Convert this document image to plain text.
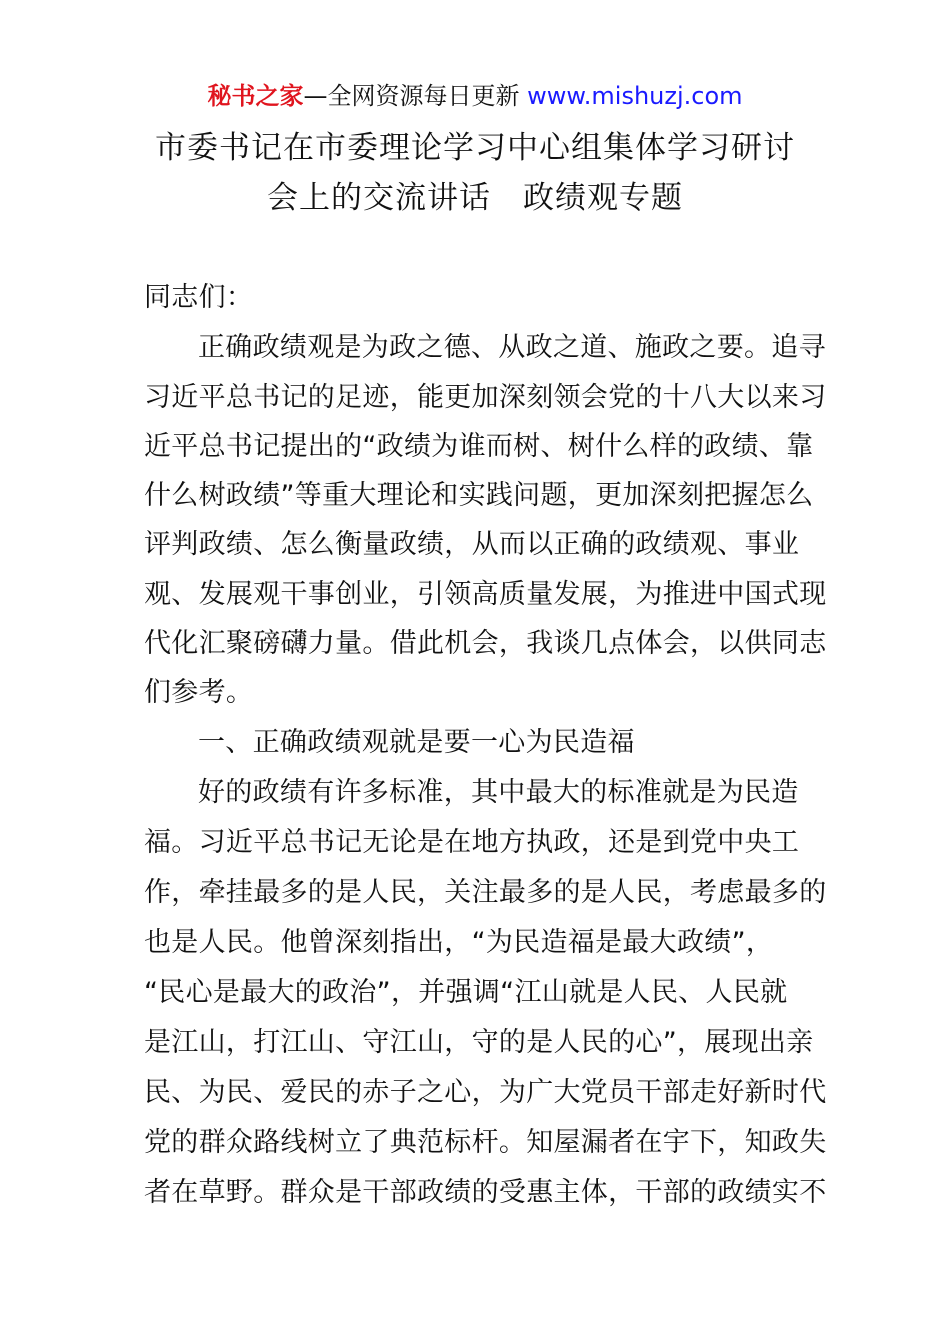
秘书之家—全网资源每日更新 www.mishuzj.com
市委书记在市委理论学习中心组集体学习研讨
会上的交流讲话　政绩观专题
同志们：
正确政绩观是为政之德、从政之道、施政之要。追寻
习近平总书记的足迹，能更加深刻领会党的十八大以来习
近平总书记提出的“政绩为谁而树、树什么样的政绩、靠
什么树政绩”等重大理论和实践问题，更加深刻把握怎么
评判政绩、怎么衡量政绩，从而以正确的政绩观、事业
观、发展观干事创业，引领高质量发展，为推进中国式现
代化汇聚磅礴力量。借此机会，我谈几点体会，以供同志
们参考。
一、正确政绩观就是要一心为民造福
好的政绩有许多标准，其中最大的标准就是为民造
福。习近平总书记无论是在地方执政，还是到党中央工
作，牵挂最多的是人民，关注最多的是人民，考虑最多的
也是人民。他曾深刻指出，“为民造福是最大政绩”，
“民心是最大的政治”，并强调“江山就是人民、人民就
是江山，打江山、守江山，守的是人民的心”，展现出亲
民、为民、爱民的赤子之心，为广大党员干部走好新时代
党的群众路线树立了典范标杆。知屋漏者在宇下，知政失
者在草野。群众是干部政绩的受惠主体，干部的政绩实不
